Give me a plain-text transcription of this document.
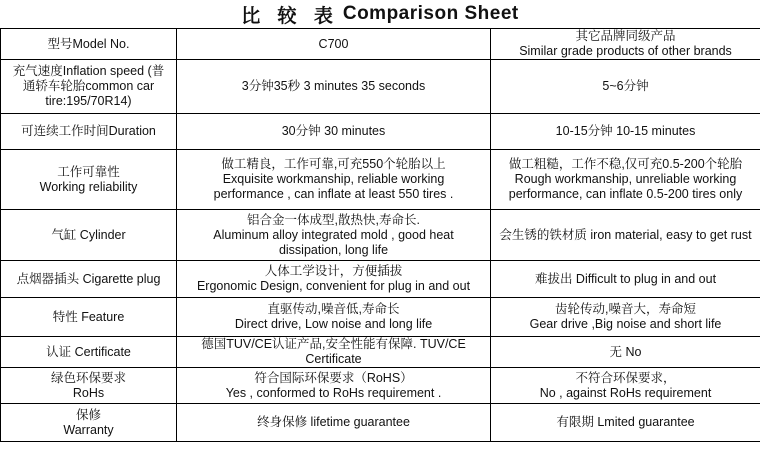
比 较 表 Comparison Sheet
型号Model No.	C700	其它品牌同级产品
Similar grade products of other brands

充气速度Inflation speed (普
通轿车轮胎common car
tire:195/70R14)	3分钟35秒 3 minutes 35 seconds	5~6分钟

可连续工作时间Duration	30分钟 30 minutes	10-15分钟 10-15 minutes

工作可靠性
Working reliability	做工精良，工作可靠,可充550个轮胎以上
Exquisite workmanship, reliable working
performance , can inflate at least 550 tires .	做工粗糙，工作不稳,仅可充0.5-200个轮胎
Rough workmanship, unreliable working
performance, can inflate 0.5-200 tires only

气缸 Cylinder	铝合金一体成型,散热快,寿命长.
Aluminum alloy integrated mold , good heat
dissipation, long life	会生锈的铁材质 iron material, easy to get rust

点烟器插头 Cigarette plug	人体工学设计，方便插拔
Ergonomic Design, convenient for plug in and out	难拔出 Difficult to plug in and out

特性 Feature	直驱传动,噪音低,寿命长
Direct drive, Low noise and long life	齿轮传动,噪音大，寿命短
Gear drive ,Big noise and short life

认证 Certificate	德国TUV/CE认证产品,安全性能有保障. TUV/CE
Certificate	无 No

绿色环保要求
RoHs	符合国际环保要求（RoHS）
Yes , conformed to RoHs requirement .	不符合环保要求，
No , against RoHs requirement

保修
Warranty	终身保修 lifetime guarantee	有限期 Lmited guarantee
